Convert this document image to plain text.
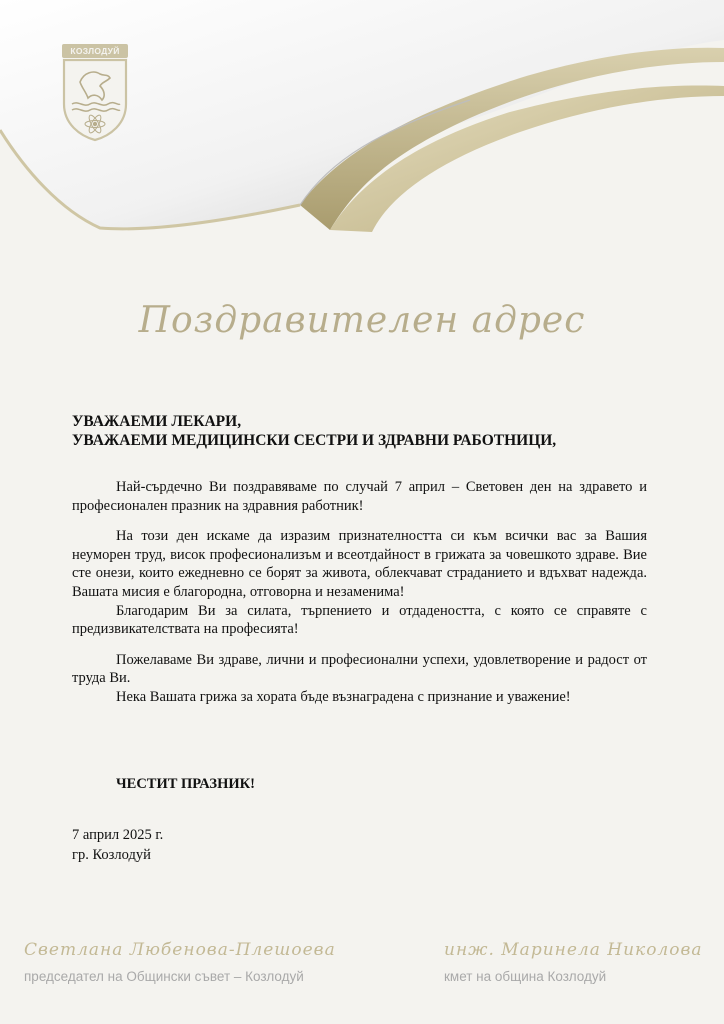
КОЗЛОДУЙ
Поздравителен адрес
УВАЖАЕМИ ЛЕКАРИ,
УВАЖАЕМИ МЕДИЦИНСКИ СЕСТРИ И ЗДРАВНИ РАБОТНИЦИ,

Най-сърдечно Ви поздравяваме по случай 7 април – Световен ден на здравето и професионален празник на здравния работник!

На този ден искаме да изразим признателността си към всички вас за Вашия неуморен труд, висок професионализъм и всеотдайност в грижата за човешкото здраве. Вие сте онези, които ежедневно се борят за живота, облекчават страданието и вдъхват надежда. Вашата мисия е благородна, отговорна и незаменима!

Благодарим Ви за силата, търпението и отдадеността, с която се справяте с предизвикателствата на професията!

Пожелаваме Ви здраве, лични и професионални успехи, удовлетворение и радост от труда Ви.

Нека Вашата грижа за хората бъде възнаградена с признание и уважение!

ЧЕСТИТ ПРАЗНИК!
7 април 2025 г.
гр. Козлодуй
Светлана Любенова-Плешоева
председател на Общински съвет – Козлодуй
инж. Маринела Николова
кмет на община Козлодуй
